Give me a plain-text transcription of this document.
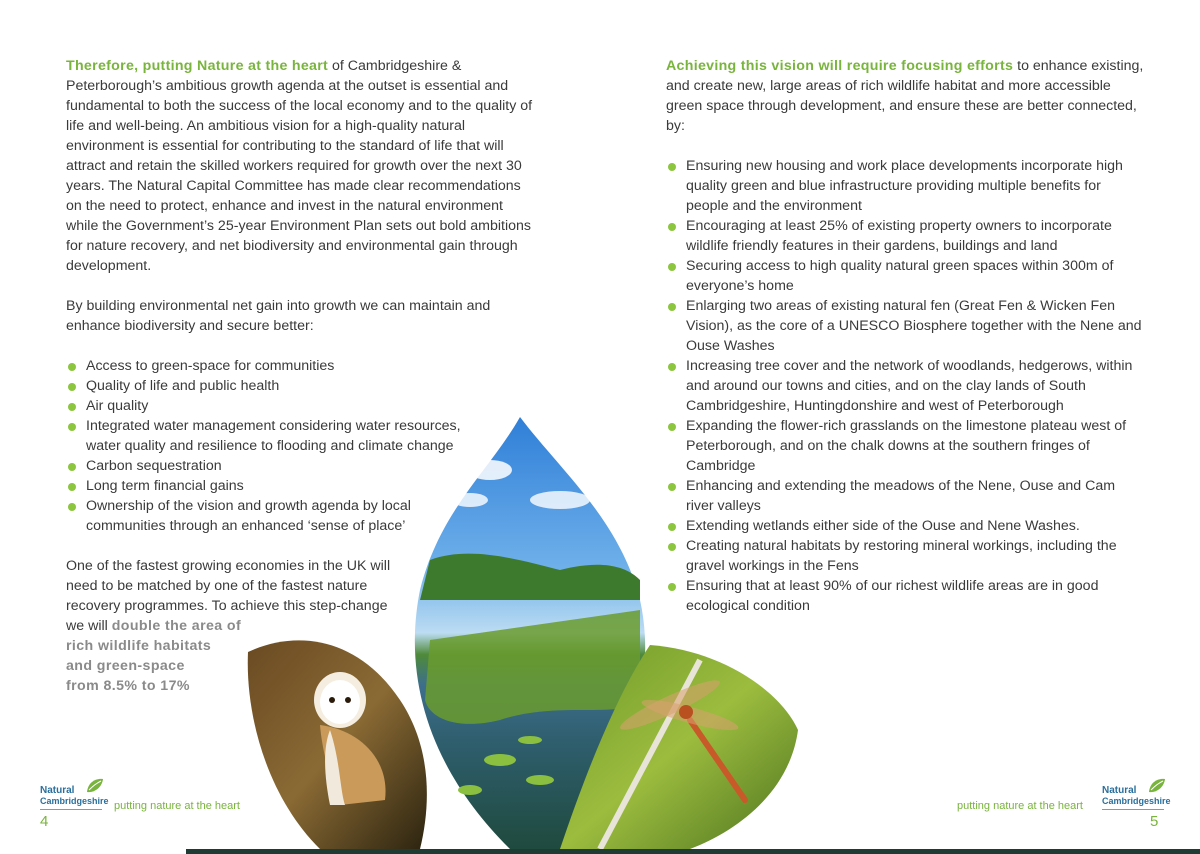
Therefore, putting Nature at the heart of Cambridgeshire & Peterborough’s ambitious growth agenda at the outset is essential and fundamental to both the success of the local economy and to the quality of life and well-being. An ambitious vision for a high-quality natural environment is essential for contributing to the standard of life that will attract and retain the skilled workers required for growth over the next 30 years. The Natural Capital Committee has made clear recommendations on the need to protect, enhance and invest in the natural environment while the Government’s 25-year Environment Plan sets out bold ambitions for nature recovery, and net biodiversity and environmental gain through development.

By building environmental net gain into growth we can maintain and enhance biodiversity and secure better:

Access to green-space for communities
Quality of life and public health
Air quality
Integrated water management considering water resources, water quality and resilience to flooding and climate change
Carbon sequestration
Long term financial gains
Ownership of the vision and growth agenda by local communities through an enhanced ‘sense of place’

One of the fastest growing economies in the UK will
need to be matched by one of the fastest nature
recovery programmes. To achieve this step-change
we will double the area of
rich wildlife habitats
and green-space
from 8.5% to 17%

Achieving this vision will require focusing efforts to enhance existing, and create new, large areas of rich wildlife habitat and more accessible green space through development, and ensure these are better connected, by:

Ensuring new housing and work place developments incorporate high quality green and blue infrastructure providing multiple benefits for people and the environment
Encouraging at least 25% of existing property owners to incorporate wildlife friendly features in their gardens, buildings and land
Securing access to high quality natural green spaces within 300m of everyone’s home
Enlarging two areas of existing natural fen (Great Fen & Wicken Fen Vision), as the core of a UNESCO Biosphere together with the Nene and Ouse Washes
Increasing tree cover and the network of woodlands, hedgerows, within and around our towns and cities, and on the clay lands of South Cambridgeshire, Huntingdonshire and west of Peterborough
Expanding the flower-rich grasslands on the limestone plateau west of Peterborough, and on the chalk downs at the southern fringes of Cambridge
Enhancing and extending the meadows of the Nene, Ouse and Cam river valleys
Extending wetlands either side of the Ouse and Nene Washes.
Creating natural habitats by restoring mineral workings, including the gravel workings in the Fens
Ensuring that at least 90% of our richest wildlife areas are in good ecological condition
Natural
Cambridgeshire putting nature at the heart
4
Natural
Cambridgeshire
putting nature at the heart
5
